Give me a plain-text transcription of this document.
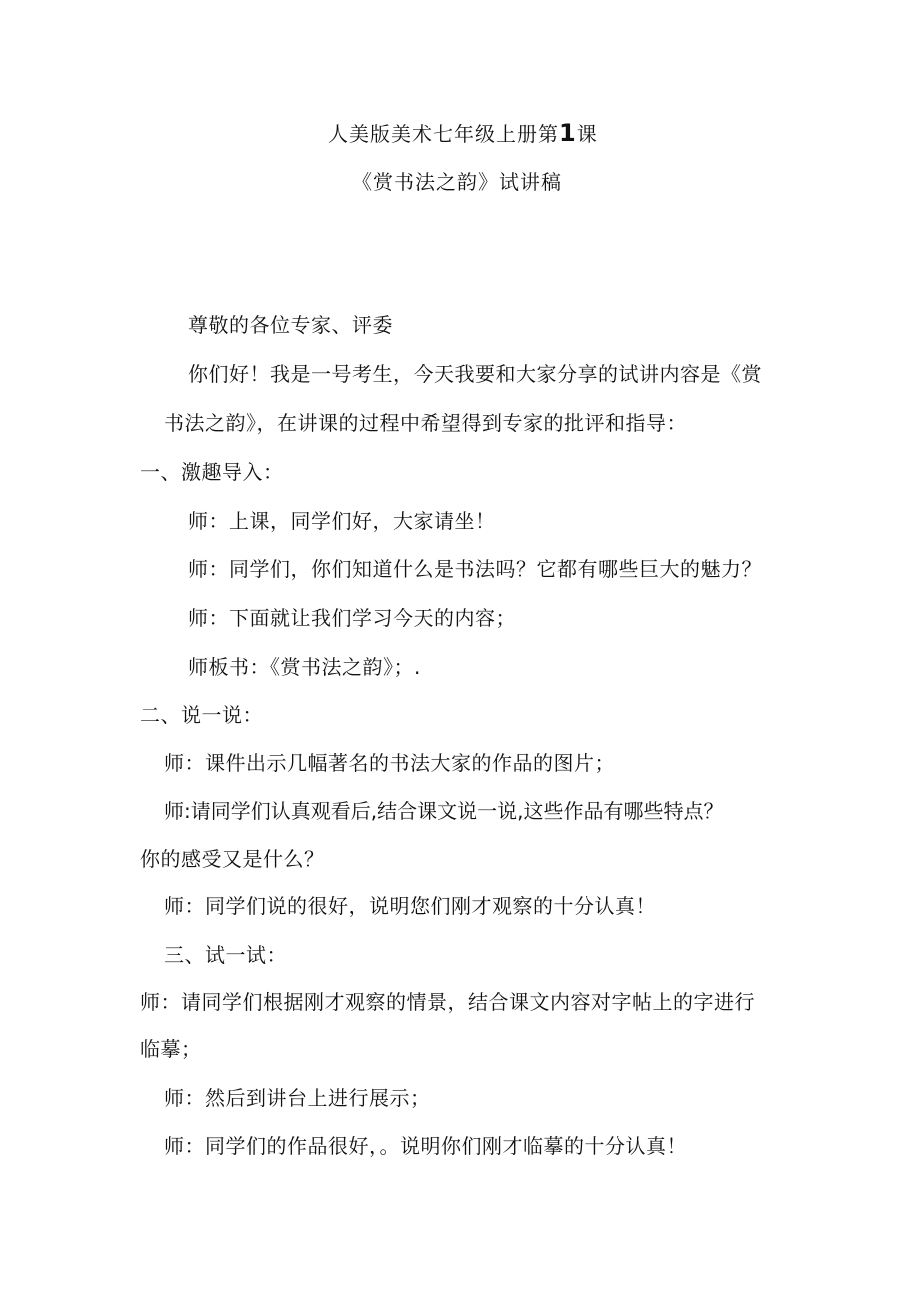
人美版美术七年级上册第1课
《赏书法之韵》试讲稿
尊敬的各位专家、评委
你们好！我是一号考生，今天我要和大家分享的试讲内容是《赏
书法之韵》，在讲课的过程中希望得到专家的批评和指导：
一、激趣导入：
师：上课，同学们好，大家请坐！
师：同学们，你们知道什么是书法吗？它都有哪些巨大的魅力？
师：下面就让我们学习今天的内容；
师板书：《赏书法之韵》；.
二、说一说：
师：课件出示几幅著名的书法大家的作品的图片；
师:请同学们认真观看后,结合课文说一说,这些作品有哪些特点？
你的感受又是什么？
师：同学们说的很好，说明您们刚才观察的十分认真！
三、试一试：
师：请同学们根据刚才观察的情景，结合课文内容对字帖上的字进行
临摹；
师：然后到讲台上进行展示；
师：同学们的作品很好，。说明你们刚才临摹的十分认真！
